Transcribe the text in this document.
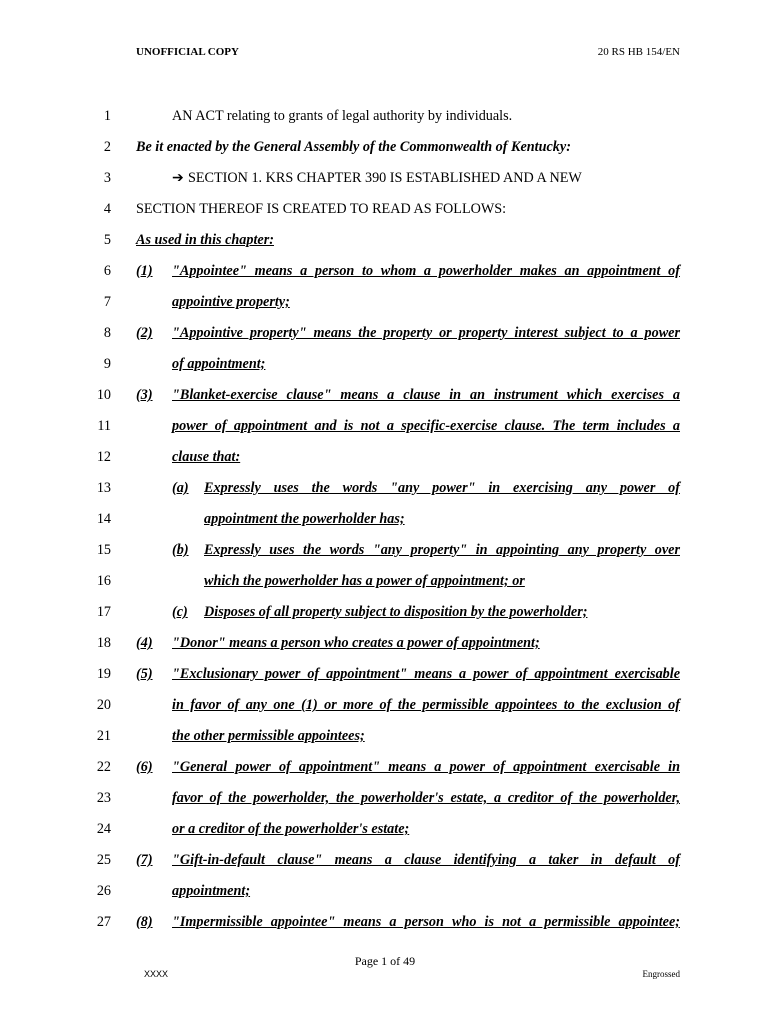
UNOFFICIAL COPY	20 RS HB 154/EN
1	AN ACT relating to grants of legal authority by individuals.
2 Be it enacted by the General Assembly of the Commonwealth of Kentucky:
3	➔ SECTION 1. KRS CHAPTER 390 IS ESTABLISHED AND A NEW
4 SECTION THEREOF IS CREATED TO READ AS FOLLOWS:
5 As used in this chapter:
6 (1)	"Appointee" means a person to whom a powerholder makes an appointment of
7	appointive property;
8 (2)	"Appointive property" means the property or property interest subject to a power
9	of appointment;
10 (3)	"Blanket-exercise clause" means a clause in an instrument which exercises a
11	power of appointment and is not a specific-exercise clause. The term includes a
12	clause that:
13	(a)	Expressly uses the words "any power" in exercising any power of
14	appointment the powerholder has;
15	(b)	Expressly uses the words "any property" in appointing any property over
16	which the powerholder has a power of appointment; or
17	(c)	Disposes of all property subject to disposition by the powerholder;
18 (4)	"Donor" means a person who creates a power of appointment;
19 (5)	"Exclusionary power of appointment" means a power of appointment exercisable
20	in favor of any one (1) or more of the permissible appointees to the exclusion of
21	the other permissible appointees;
22 (6)	"General power of appointment" means a power of appointment exercisable in
23	favor of the powerholder, the powerholder's estate, a creditor of the powerholder,
24	or a creditor of the powerholder's estate;
25 (7)	"Gift-in-default clause" means a clause identifying a taker in default of
26	appointment;
27 (8)	"Impermissible appointee" means a person who is not a permissible appointee;
Page 1 of 49
XXXX	Engrossed
